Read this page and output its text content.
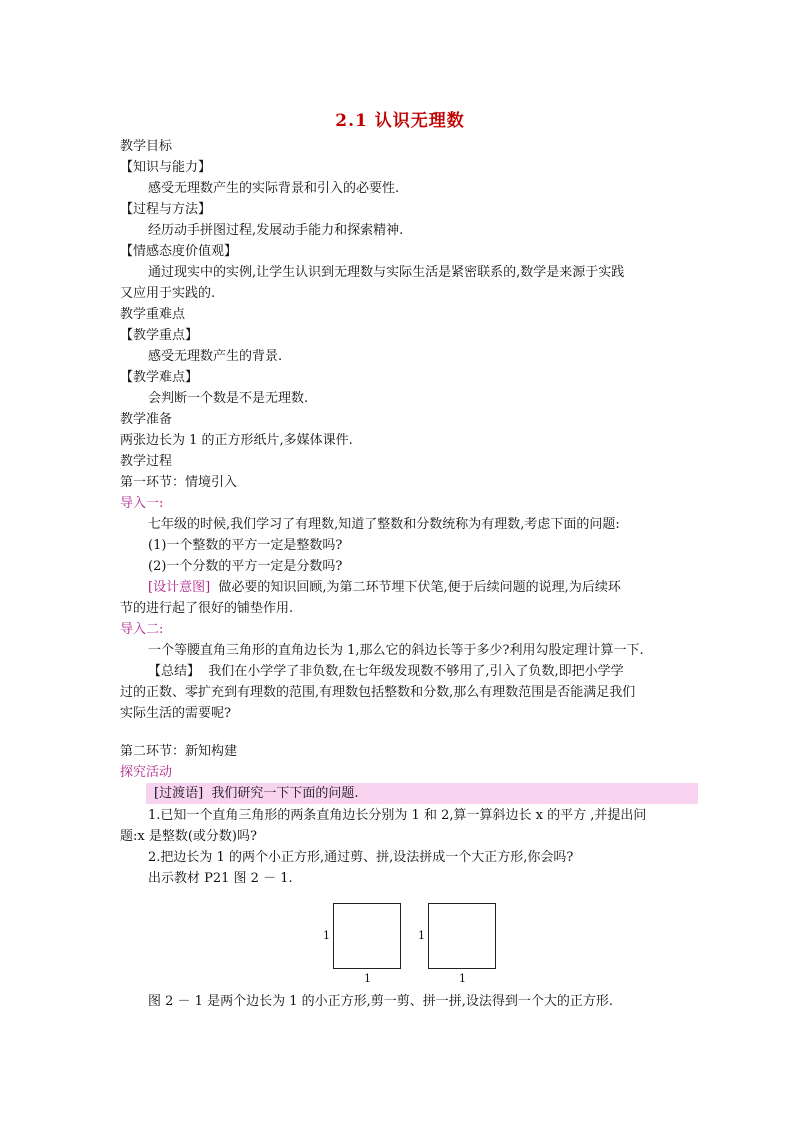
2.1 认识无理数
教学目标
【知识与能力】
感受无理数产生的实际背景和引入的必要性.
【过程与方法】
经历动手拼图过程,发展动手能力和探索精神.
【情感态度价值观】
通过现实中的实例,让学生认识到无理数与实际生活是紧密联系的,数学是来源于实践
又应用于实践的.
教学重难点
【教学重点】
感受无理数产生的背景.
【教学难点】
会判断一个数是不是无理数.
教学准备
两张边长为 1 的正方形纸片,多媒体课件.
教学过程
第一环节：情境引入
导入一:
七年级的时候,我们学习了有理数,知道了整数和分数统称为有理数,考虑下面的问题:
(1)一个整数的平方一定是整数吗?
(2)一个分数的平方一定是分数吗?
[设计意图] 做必要的知识回顾,为第二环节埋下伏笔,便于后续问题的说理,为后续环
节的进行起了很好的铺垫作用.
导入二:
一个等腰直角三角形的直角边长为 1,那么它的斜边长等于多少?利用勾股定理计算一下.
【总结】 我们在小学学了非负数,在七年级发现数不够用了,引入了负数,即把小学学
过的正数、零扩充到有理数的范围,有理数包括整数和分数,那么有理数范围是否能满足我们
实际生活的需要呢?
第二环节：新知构建
探究活动
[过渡语] 我们研究一下下面的问题.
1.已知一个直角三角形的两条直角边长分别为 1 和 2,算一算斜边长 x 的平方 ,并提出问
题:x 是整数(或分数)吗?
2.把边长为 1 的两个小正方形,通过剪、拼,设法拼成一个大正方形,你会吗?
出示教材 P21 图 2 － 1.
1
1
1
1
图 2 － 1 是两个边长为 1 的小正方形,剪一剪、拼一拼,设法得到一个大的正方形.
